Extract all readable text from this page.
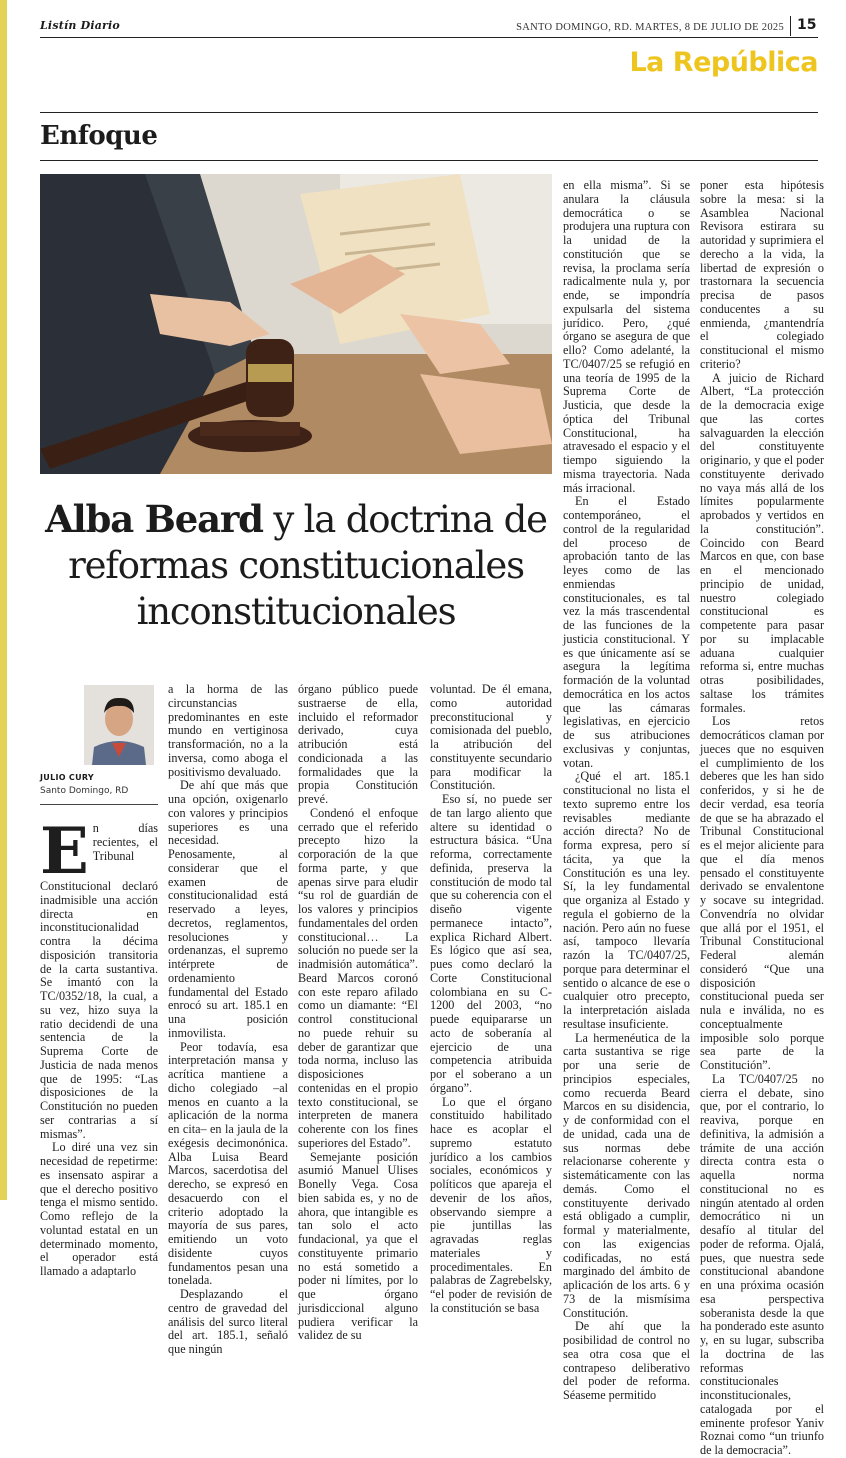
Listín Diario	SANTO DOMINGO, RD. MARTES, 8 DE JULIO DE 2025 15
La República
Enfoque
Alba Beard y la doctrina de reformas constitucionales inconstitucionales
JULIO CURY
Santo Domingo, RD
E n días recientes, el Tribunal Constitucional declaró inadmisible una acción directa en inconstitucionalidad contra la décima disposición transitoria de la carta sustantiva. Se imantó con la TC/0352/18, la cual, a su vez, hizo suya la ratio decidendi de una sentencia de la Suprema Corte de Justicia de nada menos que de 1995: “Las disposiciones de la Constitución no pueden ser contrarias a sí mismas”.

Lo diré una vez sin necesidad de repetirme: es insensato aspirar a que el derecho positivo tenga el mismo sentido. Como reflejo de la voluntad estatal en un determinado momento, el operador está llamado a adaptarlo

a la horma de las circunstancias predominantes en este mundo en vertiginosa transformación, no a la inversa, como aboga el positivismo devaluado.

De ahí que más que una opción, oxigenarlo con valores y principios superiores es una necesidad. Penosamente, al considerar que el examen de constitucionalidad está reservado a leyes, decretos, reglamentos, resoluciones y ordenanzas, el supremo intérprete de ordenamiento fundamental del Estado enrocó su art. 185.1 en una posición inmovilista.

Peor todavía, esa interpretación mansa y acrítica mantiene a dicho colegiado –al menos en cuanto a la aplicación de la norma en cita– en la jaula de la exégesis decimonónica. Alba Luisa Beard Marcos, sacerdotisa del derecho, se expresó en desacuerdo con el criterio adoptado la mayoría de sus pares, emitiendo un voto disidente cuyos fundamentos pesan una tonelada.

Desplazando el centro de gravedad del análisis del surco literal del art. 185.1, señaló que ningún

órgano público puede sustraerse de ella, incluido el reformador derivado, cuya atribución está condicionada a las formalidades que la propia Constitución prevé.

Condenó el enfoque cerrado que el referido precepto hizo la corporación de la que forma parte, y que apenas sirve para eludir “su rol de guardián de los valores y principios fundamentales del orden constitucional… La solución no puede ser la inadmisión automática”. Beard Marcos coronó con este reparo afilado como un diamante: “El control constitucional no puede rehuir su deber de garantizar que toda norma, incluso las disposiciones contenidas en el propio texto constitucional, se interpreten de manera coherente con los fines superiores del Estado”.

Semejante posición asumió Manuel Ulises Bonelly Vega. Cosa bien sabida es, y no de ahora, que intangible es tan solo el acto fundacional, ya que el constituyente primario no está sometido a poder ni límites, por lo que órgano jurisdiccional alguno pudiera verificar la validez de su

voluntad. De él emana, como autoridad preconstitucional y comisionada del pueblo, la atribución del constituyente secundario para modificar la Constitución.

Eso sí, no puede ser de tan largo aliento que altere su identidad o estructura básica. “Una reforma, correctamente definida, preserva la constitución de modo tal que su coherencia con el diseño vigente permanece intacto”, explica Richard Albert. Es lógico que así sea, pues como declaró la Corte Constitucional colombiana en su C-1200 del 2003, “no puede equipararse un acto de soberanía al ejercicio de una competencia atribuida por el soberano a un órgano”.

Lo que el órgano constituido habilitado hace es acoplar el supremo estatuto jurídico a los cambios sociales, económicos y políticos que apareja el devenir de los años, observando siempre a pie juntillas las agravadas reglas materiales y procedimentales. En palabras de Zagrebelsky, “el poder de revisión de la constitución se basa

en ella misma”. Si se anulara la cláusula democrática o se produjera una ruptura con la unidad de la constitución que se revisa, la proclama sería radicalmente nula y, por ende, se impondría expulsarla del sistema jurídico. Pero, ¿qué órgano se asegura de que ello? Como adelanté, la TC/0407/25 se refugió en una teoría de 1995 de la Suprema Corte de Justicia, que desde la óptica del Tribunal Constitucional, ha atravesado el espacio y el tiempo siguiendo la misma trayectoria. Nada más irracional.

En el Estado contemporáneo, el control de la regularidad del proceso de aprobación tanto de las leyes como de las enmiendas constitucionales, es tal vez la más trascendental de las funciones de la justicia constitucional. Y es que únicamente así se asegura la legítima formación de la voluntad democrática en los actos que las cámaras legislativas, en ejercicio de sus atribuciones exclusivas y conjuntas, votan.

¿Qué el art. 185.1 constitucional no lista el texto supremo entre los revisables mediante acción directa? No de forma expresa, pero sí tácita, ya que la Constitución es una ley. Sí, la ley fundamental que organiza al Estado y regula el gobierno de la nación. Pero aún no fuese así, tampoco llevaría razón la TC/0407/25, porque para determinar el sentido o alcance de ese o cualquier otro precepto, la interpretación aislada resultase insuficiente.

La hermenéutica de la carta sustantiva se rige por una serie de principios especiales, como recuerda Beard Marcos en su disidencia, y de conformidad con el de unidad, cada una de sus normas debe relacionarse coherente y sistemáticamente con las demás. Como el constituyente derivado está obligado a cumplir, formal y materialmente, con las exigencias codificadas, no está marginado del ámbito de aplicación de los arts. 6 y 73 de la mismísima Constitución.

De ahí que la posibilidad de control no sea otra cosa que el contrapeso deliberativo del poder de reforma. Séaseme permitido

poner esta hipótesis sobre la mesa: si la Asamblea Nacional Revisora estirara su autoridad y suprimiera el derecho a la vida, la libertad de expresión o trastornara la secuencia precisa de pasos conducentes a su enmienda, ¿mantendría el colegiado constitucional el mismo criterio?

A juicio de Richard Albert, “La protección de la democracia exige que las cortes salvaguarden la elección del constituyente originario, y que el poder constituyente derivado no vaya más allá de los límites popularmente aprobados y vertidos en la constitución”. Coincido con Beard Marcos en que, con base en el mencionado principio de unidad, nuestro colegiado constitucional es competente para pasar por su implacable aduana cualquier reforma si, entre muchas otras posibilidades, saltase los trámites formales.

Los retos democráticos claman por jueces que no esquiven el cumplimiento de los deberes que les han sido conferidos, y si he de decir verdad, esa teoría de que se ha abrazado el Tribunal Constitucional es el mejor aliciente para que el día menos pensado el constituyente derivado se envalentone y socave su integridad. Convendría no olvidar que allá por el 1951, el Tribunal Constitucional Federal alemán consideró “Que una disposición constitucional pueda ser nula e inválida, no es conceptualmente imposible solo porque sea parte de la Constitución”.

La TC/0407/25 no cierra el debate, sino que, por el contrario, lo reaviva, porque en definitiva, la admisión a trámite de una acción directa contra esta o aquella norma constitucional no es ningún atentado al orden democrático ni un desafío al titular del poder de reforma. Ojalá, pues, que nuestra sede constitucional abandone en una próxima ocasión esa perspectiva soberanista desde la que ha ponderado este asunto y, en su lugar, subscriba la doctrina de las reformas constitucionales inconstitucionales, catalogada por el eminente profesor Yaniv Roznai como “un triunfo de la democracia”.
